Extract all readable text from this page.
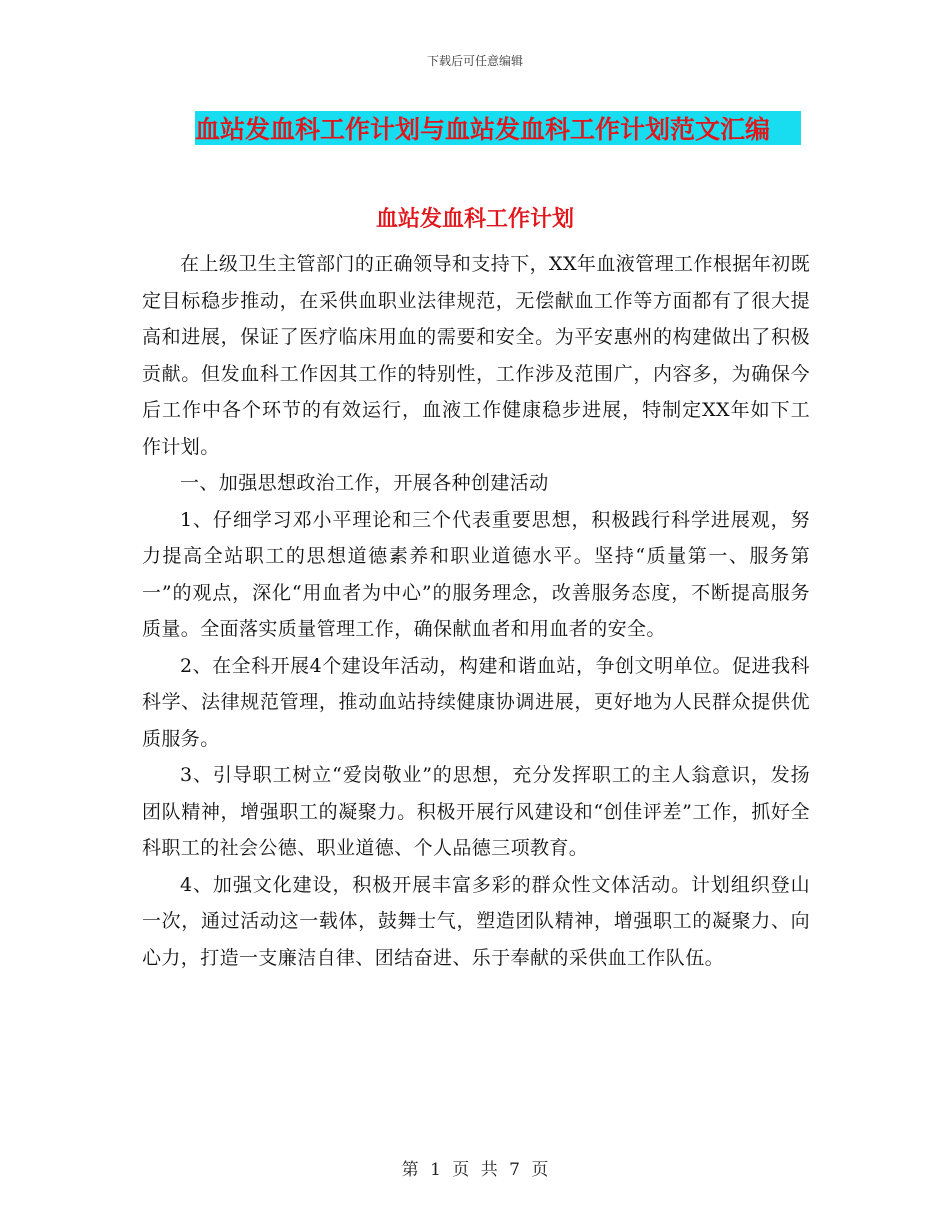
下载后可任意编辑
血站发血科工作计划与血站发血科工作计划范文汇编
血站发血科工作计划

在上级卫生主管部门的正确领导和支持下，XX年血液管理工作根据年初既定目标稳步推动，在采供血职业法律规范，无偿献血工作等方面都有了很大提高和进展，保证了医疗临床用血的需要和安全。为平安惠州的构建做出了积极贡献。但发血科工作因其工作的特别性，工作涉及范围广，内容多，为确保今后工作中各个环节的有效运行，血液工作健康稳步进展，特制定XX年如下工作计划。

一、加强思想政治工作，开展各种创建活动

1、仔细学习邓小平理论和三个代表重要思想，积极践行科学进展观，努力提高全站职工的思想道德素养和职业道德水平。坚持“质量第一、服务第一”的观点，深化“用血者为中心”的服务理念，改善服务态度，不断提高服务质量。全面落实质量管理工作，确保献血者和用血者的安全。

2、在全科开展4个建设年活动，构建和谐血站，争创文明单位。促进我科科学、法律规范管理，推动血站持续健康协调进展，更好地为人民群众提供优质服务。

3、引导职工树立“爱岗敬业”的思想，充分发挥职工的主人翁意识，发扬团队精神，增强职工的凝聚力。积极开展行风建设和“创佳评差”工作，抓好全科职工的社会公德、职业道德、个人品德三项教育。

4、加强文化建设，积极开展丰富多彩的群众性文体活动。计划组织登山一次，通过活动这一载体，鼓舞士气，塑造团队精神，增强职工的凝聚力、向心力，打造一支廉洁自律、团结奋进、乐于奉献的采供血工作队伍。

第 1 页 共 7 页
